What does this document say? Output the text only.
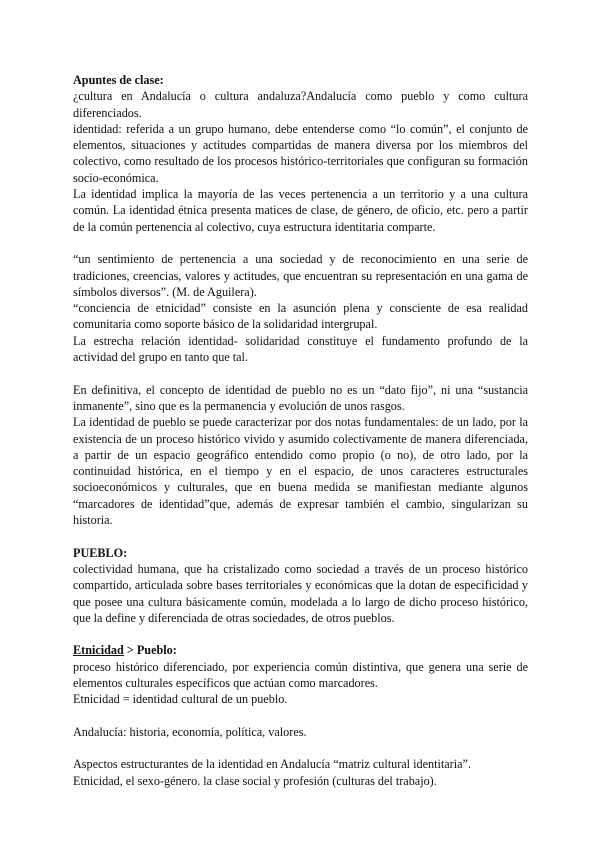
Apuntes de clase:

¿cultura en Andalucía o cultura andaluza?Andalucía como pueblo y como cultura diferenciados.

identidad: referida a un grupo humano, debe entenderse como “lo común”, el conjunto de elementos, situaciones y actitudes compartidas de manera diversa por los miembros del colectivo, como resultado de los procesos histórico-territoriales que configuran su formación socio-económica.

La identidad implica la mayoría de las veces pertenencia a un territorio y a una cultura común. La identidad étnica presenta matices de clase, de género, de oficio, etc. pero a partir de la común pertenencia al colectivo, cuya estructura identitaria comparte.

“un sentimiento de pertenencia a una sociedad y de reconocimiento en una serie de tradiciones, creencias, valores y actitudes, que encuentran su representación en una gama de símbolos diversos”. (M. de Aguilera).

“conciencia de etnicidad” consiste en la asunción plena y consciente de esa realidad comunitaria como soporte básico de la solidaridad intergrupal.

La estrecha relación identidad- solidaridad constituye el fundamento profundo de la actividad del grupo en tanto que tal.

En definitiva, el concepto de identidad de pueblo no es un “dato fijo”, ni una “sustancia inmanente”, sino que es la permanencia y evolución de unos rasgos.

La identidad de pueblo se puede caracterizar por dos notas fundamentales: de un lado, por la existencia de un proceso histórico vivido y asumido colectivamente de manera diferenciada, a partir de un espacio geográfico entendido como propio (o no), de otro lado, por la continuidad histórica, en el tiempo y en el espacio, de unos caracteres estructurales socioeconómicos y culturales, que en buena medida se manifiestan mediante algunos “marcadores de identidad”que, además de expresar también el cambio, singularizan su historia.

PUEBLO:

colectividad humana, que ha cristalizado como sociedad a través de un proceso histórico compartido, articulada sobre bases territoriales y económicas que la dotan de especificidad y que posee una cultura básicamente común, modelada a lo largo de dicho proceso histórico, que la define y diferenciada de otras sociedades, de otros pueblos.

Etnicidad > Pueblo:

proceso histórico diferenciado, por experiencia común distintiva, que genera una serie de elementos culturales específicos que actúan como marcadores.

Etnicidad = identidad cultural de un pueblo.

Andalucía: historia, economía, política, valores.

Aspectos estructurantes de la identidad en Andalucía “matriz cultural identitaria”.

Etnicidad, el sexo-género. la clase social y profesión (culturas del trabajo).
